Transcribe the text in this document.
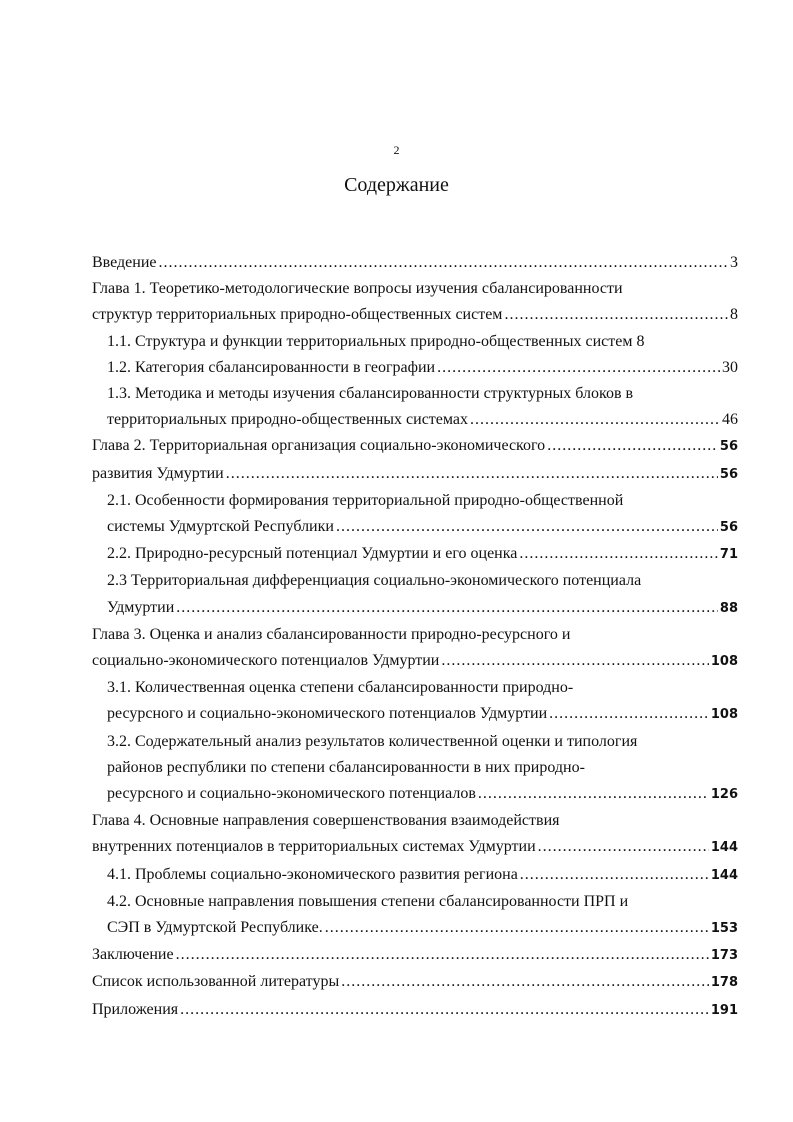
2
Содержание
Введение .....	3
Глава 1. Теоретико-методологические вопросы изучения сбалансированности
структур территориальных природно-общественных систем .....	8
1.1. Структура и функции территориальных природно-общественных систем 8
1.2. Категория сбалансированности в географии .....	30
1.3. Методика и методы изучения сбалансированности структурных блоков в
территориальных природно-общественных системах .....	46
Глава 2. Территориальная организация социально-экономического .....	56
развития Удмуртии .....	56
2.1. Особенности формирования территориальной природно-общественной
системы Удмуртской Республики .....	56
2.2. Природно-ресурсный потенциал Удмуртии и его оценка .....	71
2.3 Территориальная дифференциация социально-экономического потенциала
Удмуртии .....	88
Глава 3. Оценка и анализ сбалансированности природно-ресурсного и
социально-экономического потенциалов Удмуртии .....	108
3.1. Количественная оценка степени сбалансированности природно-
ресурсного и социально-экономического потенциалов Удмуртии .....	108
3.2. Содержательный анализ результатов количественной оценки и типология
районов республики по степени сбалансированности в них природно-
ресурсного и социально-экономического потенциалов .....	126
Глава 4. Основные направления совершенствования взаимодействия
внутренних потенциалов в территориальных системах Удмуртии .....	144
4.1. Проблемы социально-экономического развития региона .....	144
4.2. Основные направления повышения степени сбалансированности ПРП и
СЭП в Удмуртской Республике. .....	153
Заключение .....	173
Список использованной литературы .....	178
Приложения .....	191
